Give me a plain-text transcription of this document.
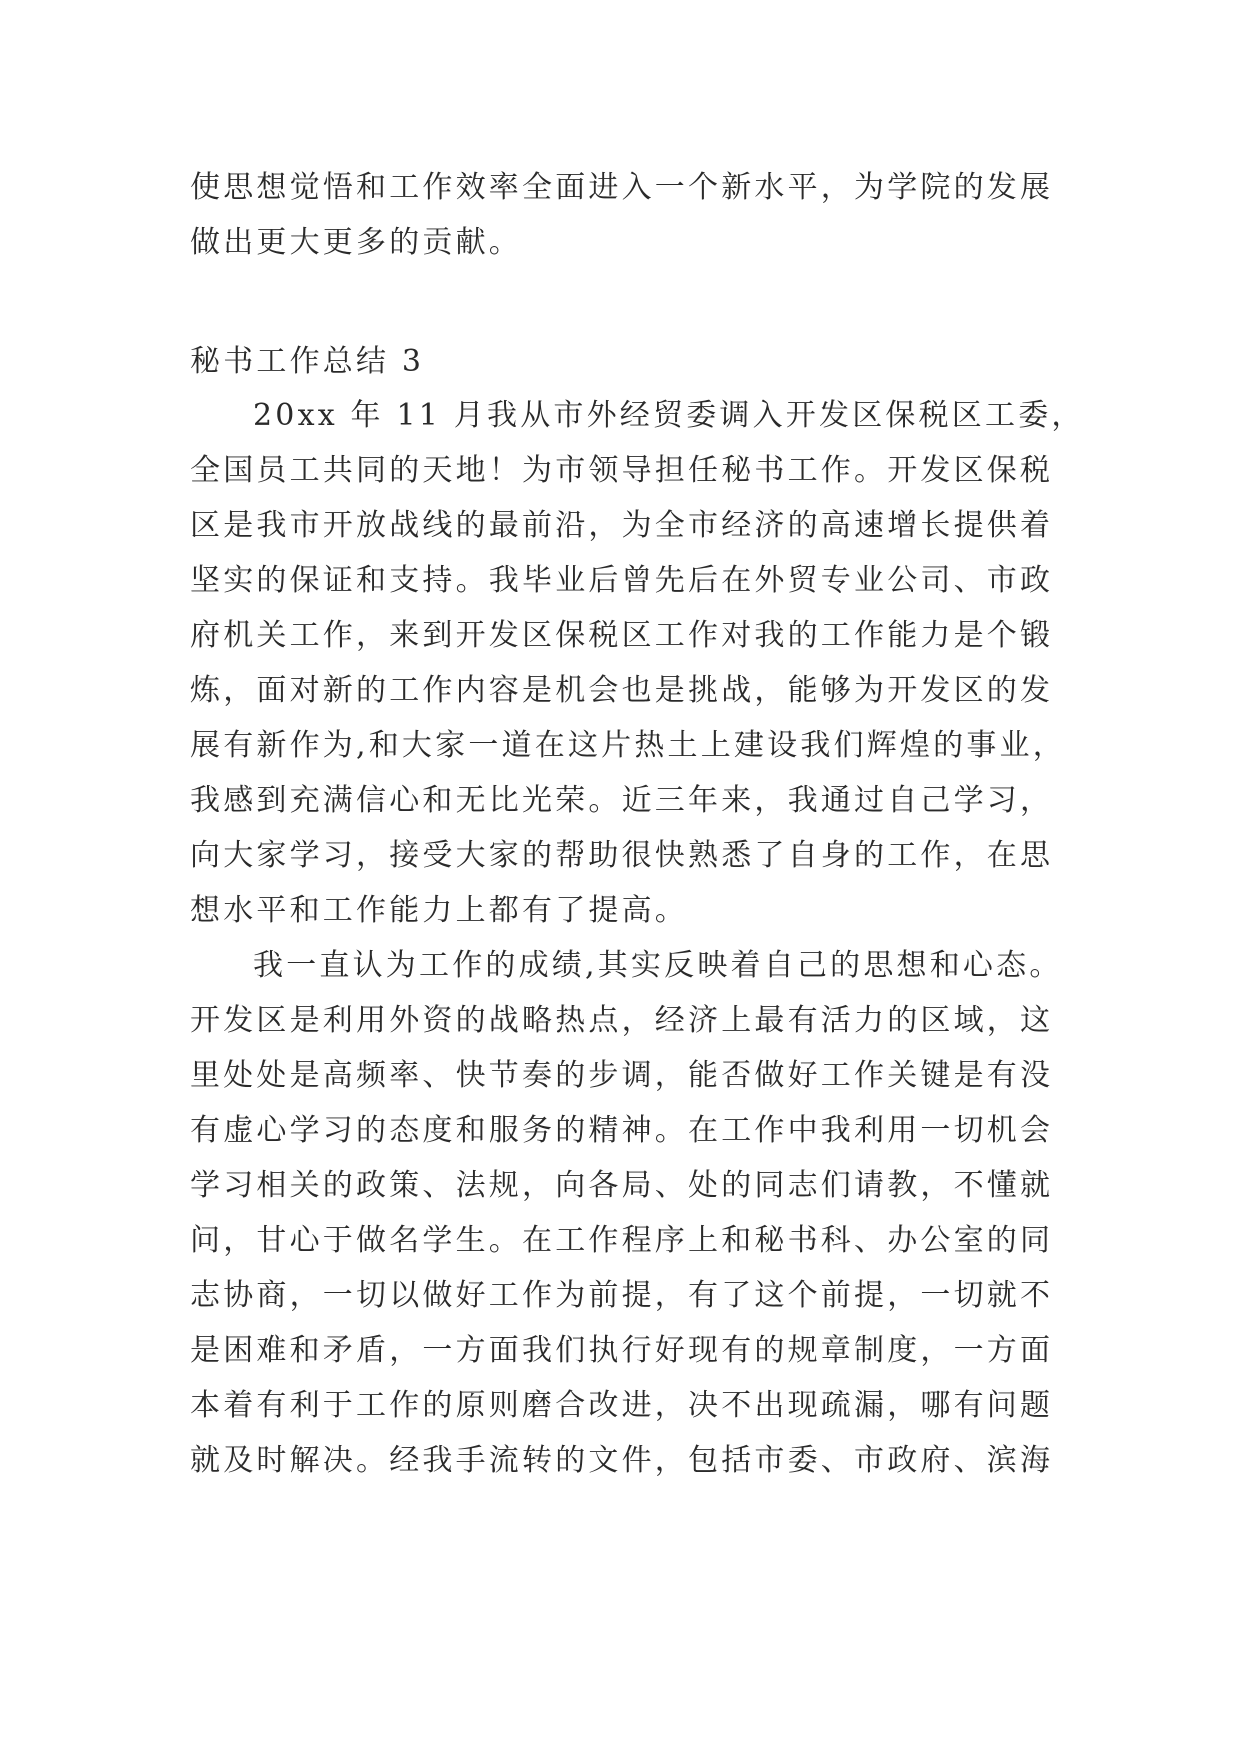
使思想觉悟和工作效率全面进入一个新水平，为学院的发展
做出更大更多的贡献。
秘书工作总结 3
20xx 年 11 月我从市外经贸委调入开发区保税区工委，
全国员工共同的天地！为市领导担任秘书工作。开发区保税
区是我市开放战线的最前沿，为全市经济的高速增长提供着
坚实的保证和支持。我毕业后曾先后在外贸专业公司、市政
府机关工作，来到开发区保税区工作对我的工作能力是个锻
炼，面对新的工作内容是机会也是挑战，能够为开发区的发
展有新作为,和大家一道在这片热土上建设我们辉煌的事业，
我感到充满信心和无比光荣。近三年来，我通过自己学习，
向大家学习，接受大家的帮助很快熟悉了自身的工作，在思
想水平和工作能力上都有了提高。
我一直认为工作的成绩,其实反映着自己的思想和心态。
开发区是利用外资的战略热点，经济上最有活力的区域，这
里处处是高频率、快节奏的步调，能否做好工作关键是有没
有虚心学习的态度和服务的精神。在工作中我利用一切机会
学习相关的政策、法规，向各局、处的同志们请教，不懂就
问，甘心于做名学生。在工作程序上和秘书科、办公室的同
志协商，一切以做好工作为前提，有了这个前提，一切就不
是困难和矛盾，一方面我们执行好现有的规章制度，一方面
本着有利于工作的原则磨合改进，决不出现疏漏，哪有问题
就及时解决。经我手流转的文件，包括市委、市政府、滨海
